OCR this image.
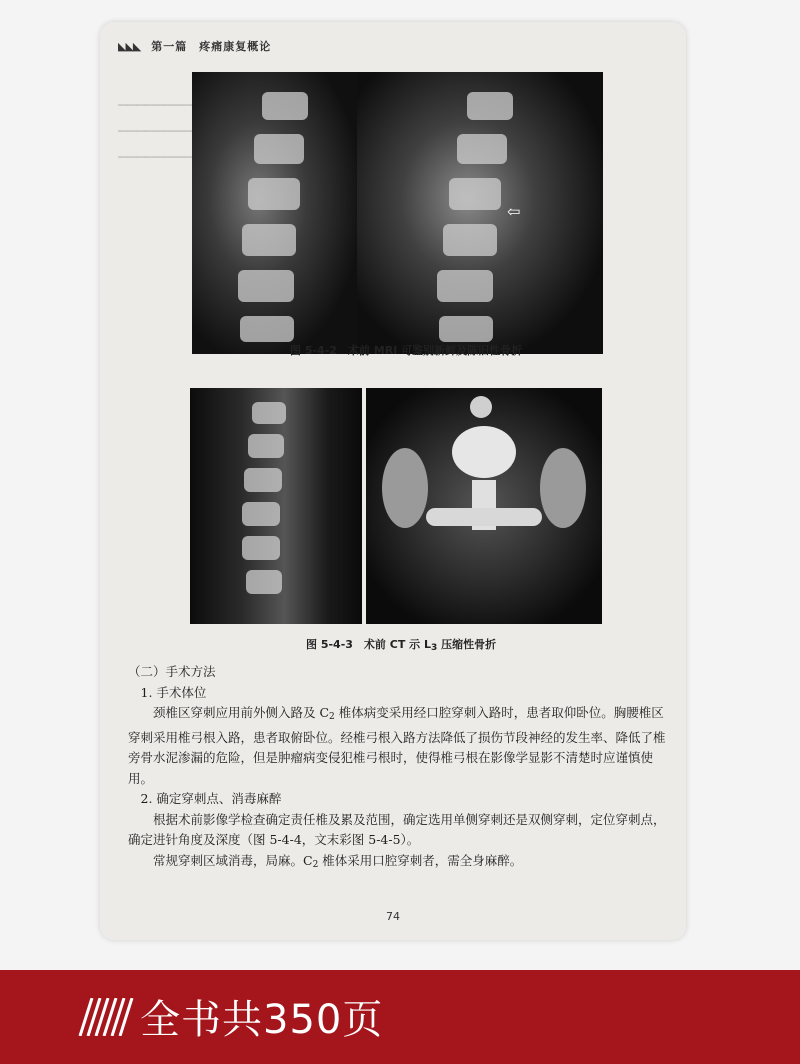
◣◣◣ 第一篇　疼痛康复概论
⇦
图 5-4-2　术前 MRI 可鉴别新鲜及陈旧性骨折
图 5-4-3　术前 CT 示 $L_3$ 压缩性骨折

（二）手术方法

1. 手术体位

颈椎区穿刺应用前外侧入路及 $C_2$ 椎体病变采用经口腔穿刺入路时，患者取仰卧位。胸腰椎区穿刺采用椎弓根入路，患者取俯卧位。经椎弓根入路方法降低了损伤节段神经的发生率、降低了椎旁骨水泥渗漏的危险，但是肿瘤病变侵犯椎弓根时，使得椎弓根在影像学显影不清楚时应谨慎使用。

2. 确定穿刺点、消毒麻醉

根据术前影像学检查确定责任椎及累及范围，确定选用单侧穿刺还是双侧穿刺，定位穿刺点，确定进针角度及深度（图 5-4-4，文末彩图 5-4-5）。

常规穿刺区域消毒，局麻。$C_2$ 椎体采用口腔穿刺者，需全身麻醉。

74
全书共350页
